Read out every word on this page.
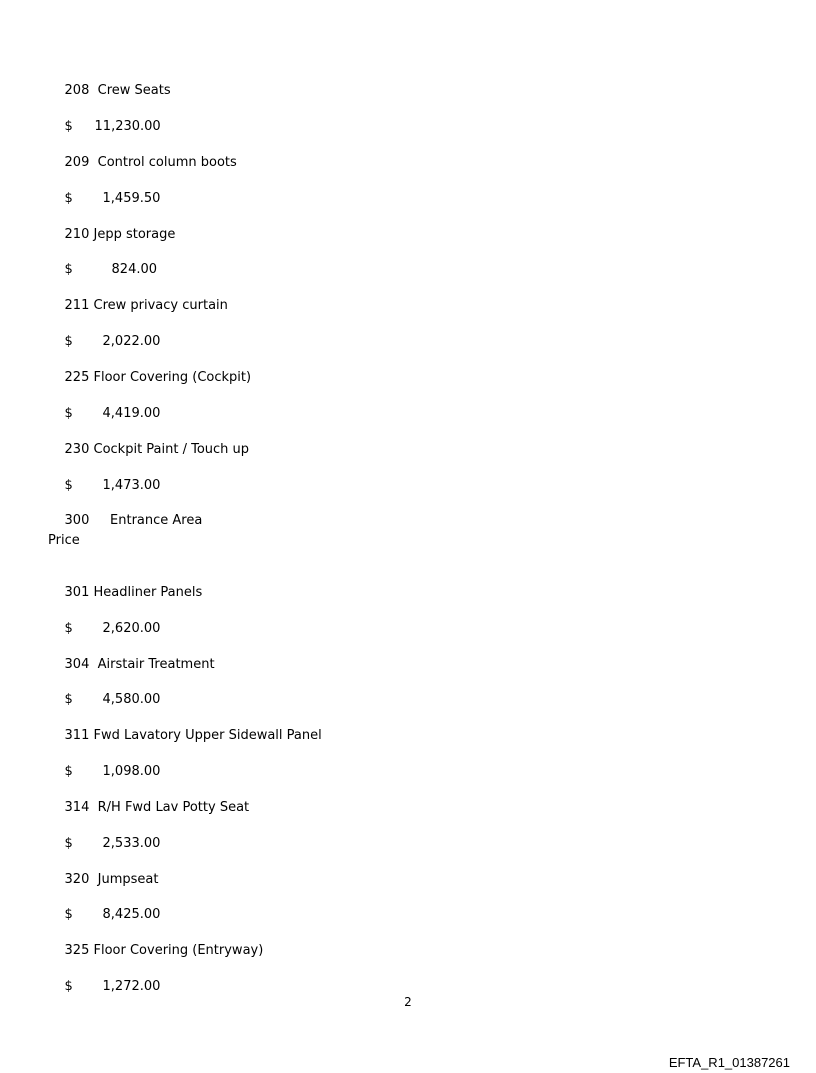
208 Crew Seats

$ 11,230.00

209 Control column boots

$ 1,459.50

210 Jepp storage

$	824.00

211 Crew privacy curtain

$ 2,022.00

225 Floor Covering (Cockpit)

$ 4,419.00

230 Cockpit Paint / Touch up

$ 1,473.00

300 Entrance Area

Price

301 Headliner Panels

$ 2,620.00

304 Airstair Treatment

$ 4,580.00

311 Fwd Lavatory Upper Sidewall Panel

$ 1,098.00

314 R/H Fwd Lav Potty Seat

$ 2,533.00

320 Jumpseat

$ 8,425.00

325 Floor Covering (Entryway)

$ 1,272.00

2
EFTA_R1_01387261
